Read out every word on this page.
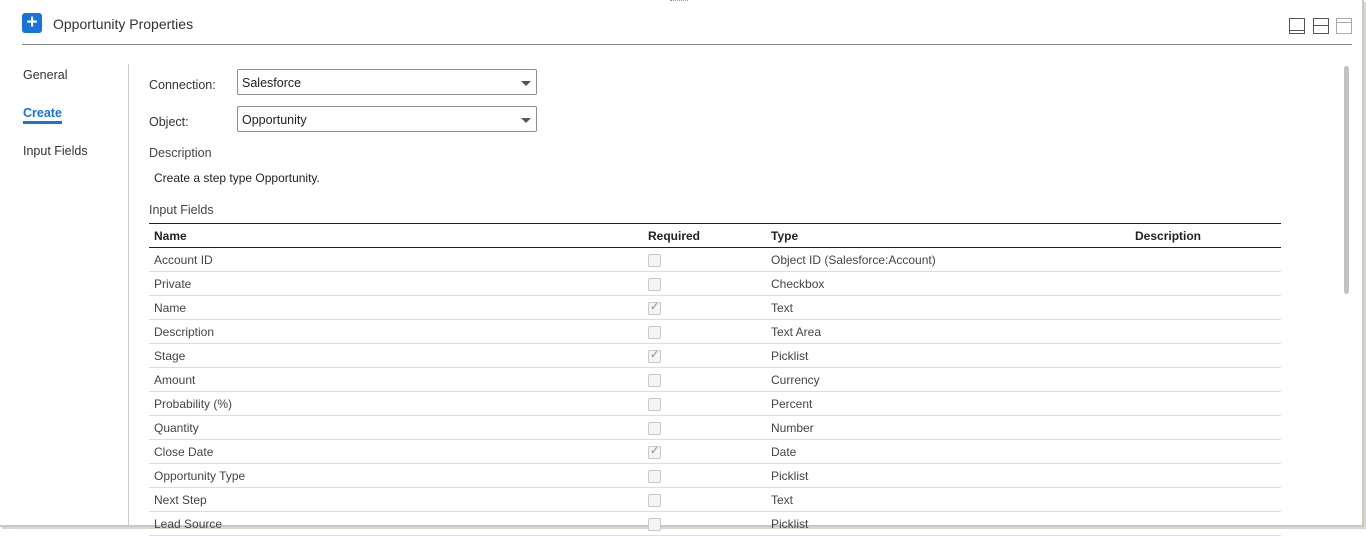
+	Opportunity Properties

General
Create
Input Fields
Connection:	Salesforce
Object:	Opportunity
Description
Create a step type Opportunity.
Input Fields
Name	Required	Type	Description
Account ID		Object ID (Salesforce:Account)	
Private		Checkbox	
Name	✓	Text	
Description		Text Area	
Stage	✓	Picklist	
Amount		Currency	
Probability (%)		Percent	
Quantity		Number	
Close Date	✓	Date	
Opportunity Type		Picklist	
Next Step		Text	
Lead Source		Picklist	
